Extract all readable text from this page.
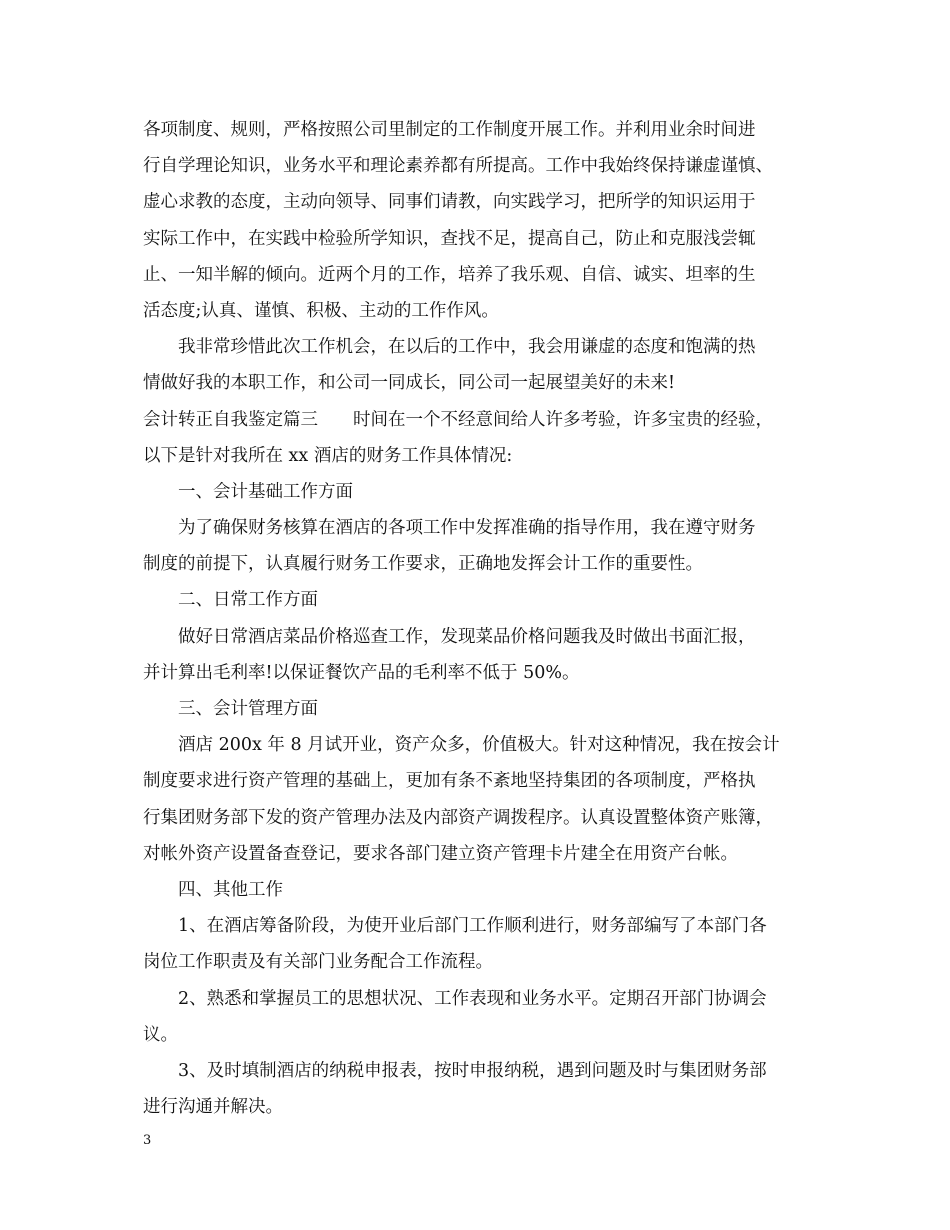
各项制度、规则，严格按照公司里制定的工作制度开展工作。并利用业余时间进

行自学理论知识，业务水平和理论素养都有所提高。工作中我始终保持谦虚谨慎、

虚心求教的态度，主动向领导、同事们请教，向实践学习，把所学的知识运用于

实际工作中，在实践中检验所学知识，查找不足，提高自己，防止和克服浅尝辄

止、一知半解的倾向。近两个月的工作，培养了我乐观、自信、诚实、坦率的生

活态度;认真、谨慎、积极、主动的工作作风。

我非常珍惜此次工作机会，在以后的工作中，我会用谦虚的态度和饱满的热

情做好我的本职工作，和公司一同成长，同公司一起展望美好的未来!

会计转正自我鉴定篇三　　时间在一个不经意间给人许多考验，许多宝贵的经验，

以下是针对我所在 xx 酒店的财务工作具体情况:

一、会计基础工作方面

为了确保财务核算在酒店的各项工作中发挥准确的指导作用，我在遵守财务

制度的前提下，认真履行财务工作要求，正确地发挥会计工作的重要性。

二、日常工作方面

做好日常酒店菜品价格巡查工作，发现菜品价格问题我及时做出书面汇报，

并计算出毛利率!以保证餐饮产品的毛利率不低于 50%。

三、会计管理方面

酒店 200x 年 8 月试开业，资产众多，价值极大。针对这种情况，我在按会计

制度要求进行资产管理的基础上，更加有条不紊地坚持集团的各项制度，严格执

行集团财务部下发的资产管理办法及内部资产调拨程序。认真设置整体资产账簿，

对帐外资产设置备查登记，要求各部门建立资产管理卡片建全在用资产台帐。

四、其他工作

1、在酒店筹备阶段，为使开业后部门工作顺利进行，财务部编写了本部门各

岗位工作职责及有关部门业务配合工作流程。

2、熟悉和掌握员工的思想状况、工作表现和业务水平。定期召开部门协调会

议。

3、及时填制酒店的纳税申报表，按时申报纳税，遇到问题及时与集团财务部

进行沟通并解决。

3
